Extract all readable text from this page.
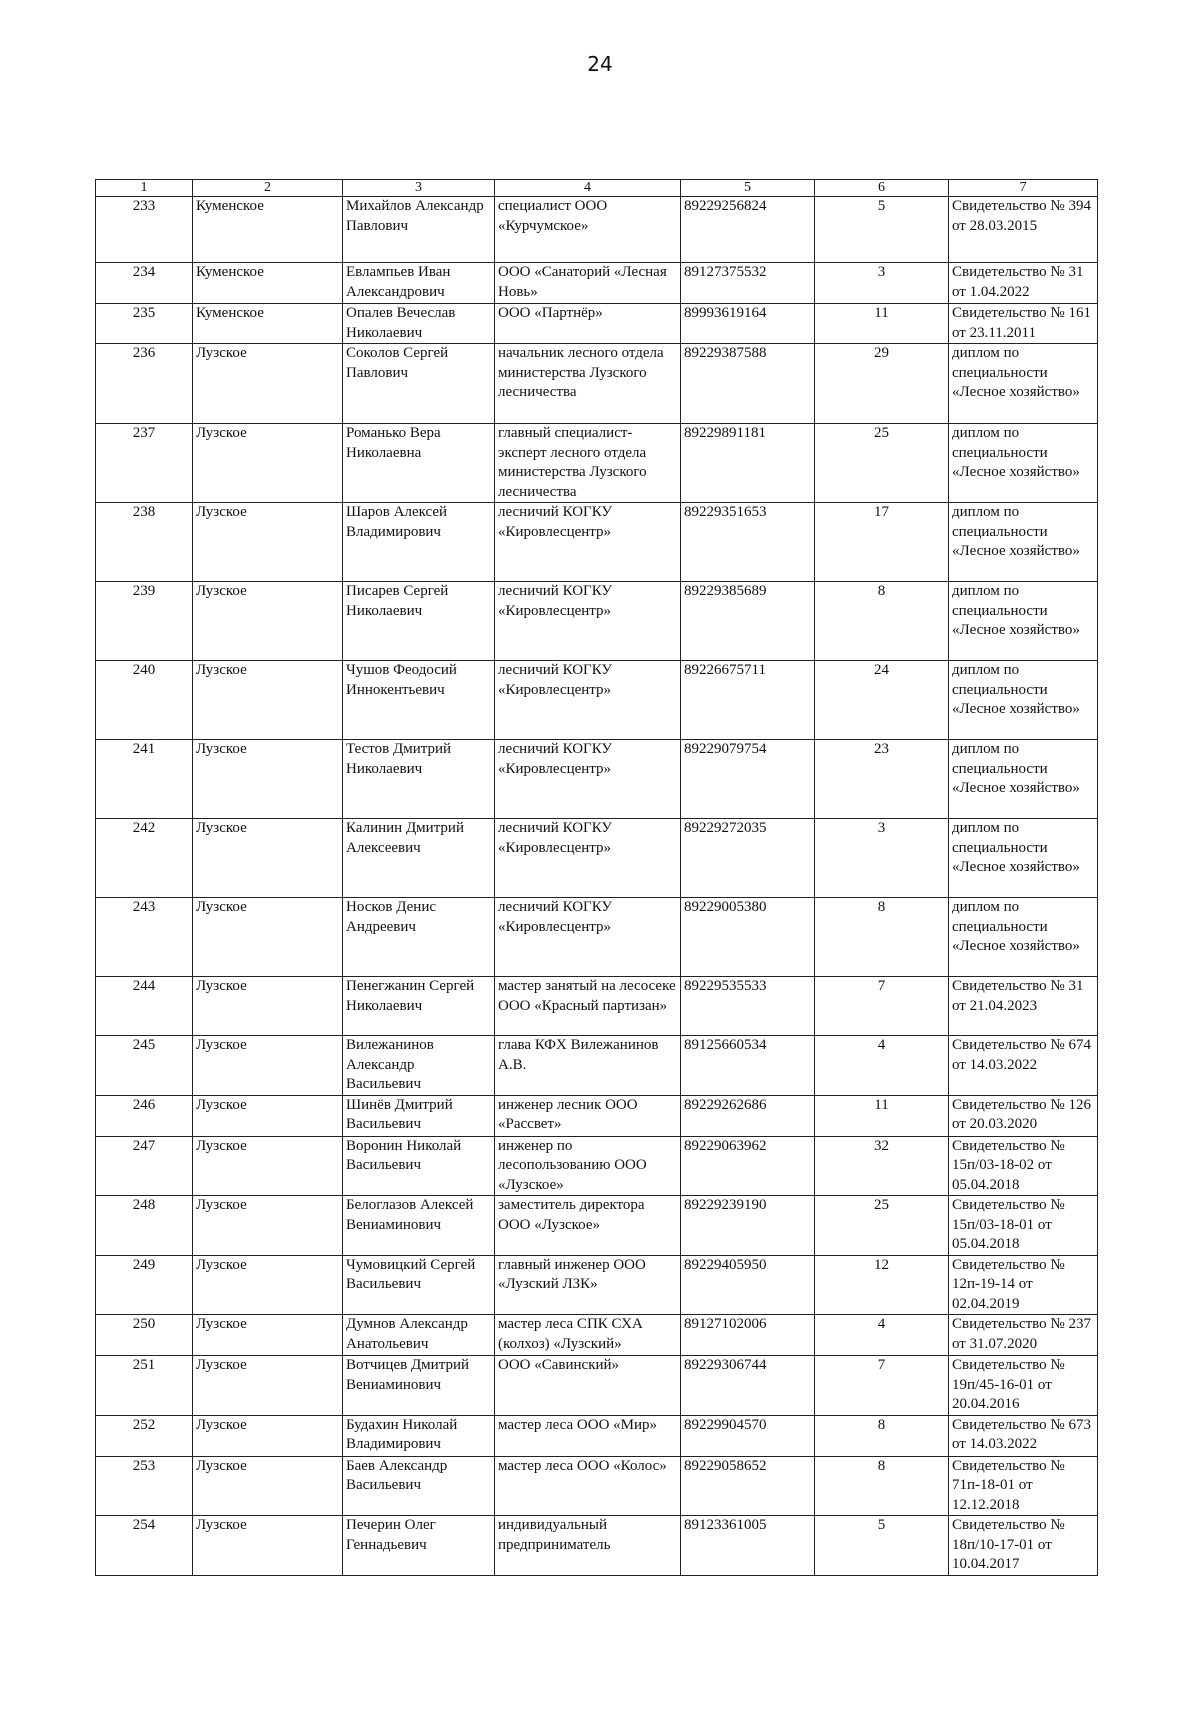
24
1	2	3	4	5	6	7
233	Куменское	Михайлов Александр Павлович	специалист ООО «Курчумское»	89229256824	5	Свидетельство № 394 от 28.03.2015
234	Куменское	Евлампьев Иван Александрович	ООО «Санаторий «Лесная Новь»	89127375532	3	Свидетельство № 31 от 1.04.2022
235	Куменское	Опалев Вечеслав Николаевич	ООО «Партнёр»	89993619164	11	Свидетельство № 161 от 23.11.2011
236	Лузское	Соколов Сергей Павлович	начальник лесного отдела министерства Лузского лесничества	89229387588	29	диплом по специальности «Лесное хозяйство»
237	Лузское	Романько Вера Николаевна	главный специалист-эксперт лесного отдела министерства Лузского лесничества	89229891181	25	диплом по специальности «Лесное хозяйство»
238	Лузское	Шаров Алексей Владимирович	лесничий КОГКУ «Кировлесцентр»	89229351653	17	диплом по специальности «Лесное хозяйство»
239	Лузское	Писарев Сергей Николаевич	лесничий КОГКУ «Кировлесцентр»	89229385689	8	диплом по специальности «Лесное хозяйство»
240	Лузское	Чушов Феодосий Иннокентьевич	лесничий КОГКУ «Кировлесцентр»	89226675711	24	диплом по специальности «Лесное хозяйство»
241	Лузское	Тестов Дмитрий Николаевич	лесничий КОГКУ «Кировлесцентр»	89229079754	23	диплом по специальности «Лесное хозяйство»
242	Лузское	Калинин Дмитрий Алексеевич	лесничий КОГКУ «Кировлесцентр»	89229272035	3	диплом по специальности «Лесное хозяйство»
243	Лузское	Носков Денис Андреевич	лесничий КОГКУ «Кировлесцентр»	89229005380	8	диплом по специальности «Лесное хозяйство»
244	Лузское	Пенегжанин Сергей Николаевич	мастер занятый на лесосеке ООО «Красный партизан»	89229535533	7	Свидетельство № 31 от 21.04.2023
245	Лузское	Вилежанинов Александр Васильевич	глава КФХ Вилежанинов А.В.	89125660534	4	Свидетельство № 674 от 14.03.2022
246	Лузское	Шинёв Дмитрий Васильевич	инженер лесник ООО «Рассвет»	89229262686	11	Свидетельство № 126 от 20.03.2020
247	Лузское	Воронин Николай Васильевич	инженер по лесопользованию ООО «Лузское»	89229063962	32	Свидетельство № 15п/03-18-02 от 05.04.2018
248	Лузское	Белоглазов Алексей Вениаминович	заместитель директора ООО «Лузское»	89229239190	25	Свидетельство № 15п/03-18-01 от 05.04.2018
249	Лузское	Чумовицкий Сергей Васильевич	главный инженер ООО «Лузский ЛЗК»	89229405950	12	Свидетельство № 12п-19-14 от 02.04.2019
250	Лузское	Думнов Александр Анатольевич	мастер леса СПК СХА (колхоз) «Лузский»	89127102006	4	Свидетельство № 237 от 31.07.2020
251	Лузское	Вотчицев Дмитрий Вениаминович	ООО «Савинский»	89229306744	7	Свидетельство № 19п/45-16-01 от 20.04.2016
252	Лузское	Будахин Николай Владимирович	мастер леса ООО «Мир»	89229904570	8	Свидетельство № 673 от 14.03.2022
253	Лузское	Баев Александр Васильевич	мастер леса ООО «Колос»	89229058652	8	Свидетельство № 71п-18-01 от 12.12.2018
254	Лузское	Печерин Олег Геннадьевич	индивидуальный предприниматель	89123361005	5	Свидетельство № 18п/10-17-01 от 10.04.2017
